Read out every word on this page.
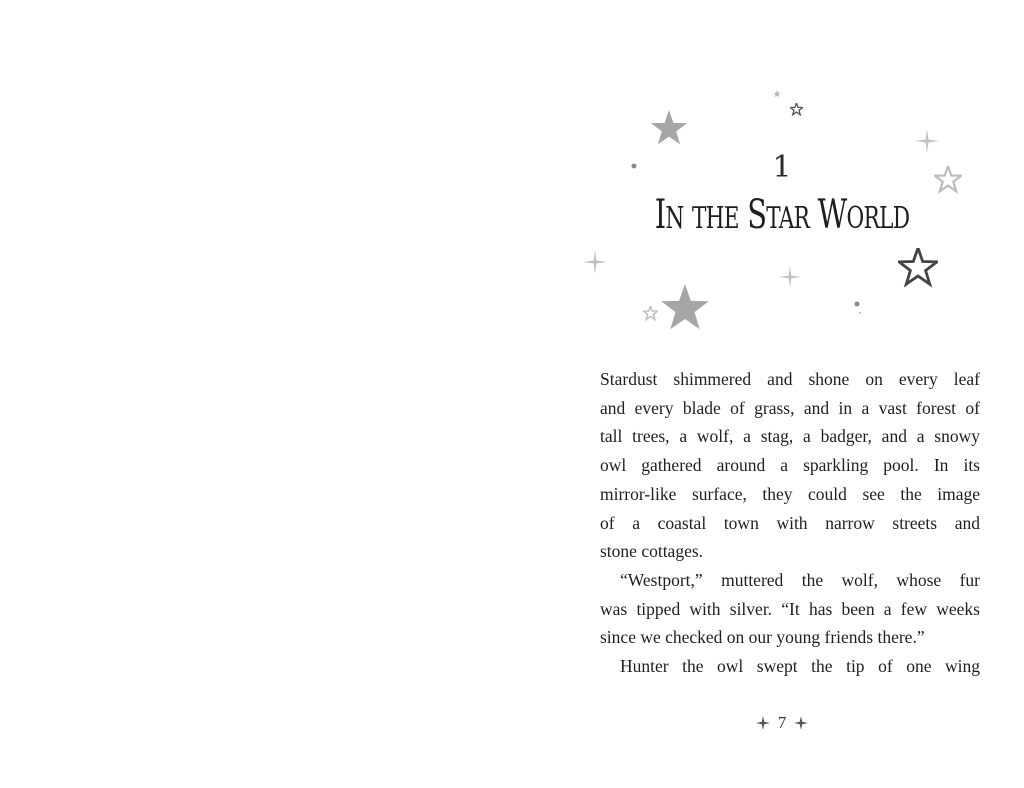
1
IN THE STAR WORLD

Stardust shimmered and shone on every leaf

and every blade of grass, and in a vast forest of

tall trees, a wolf, a stag, a badger, and a snowy

owl gathered around a sparkling pool. In its

mirror-like surface, they could see the image

of a coastal town with narrow streets and

stone cottages.

“Westport,” muttered the wolf, whose fur

was tipped with silver. “It has been a few weeks

since we checked on our young friends there.”

Hunter the owl swept the tip of one wing

7
